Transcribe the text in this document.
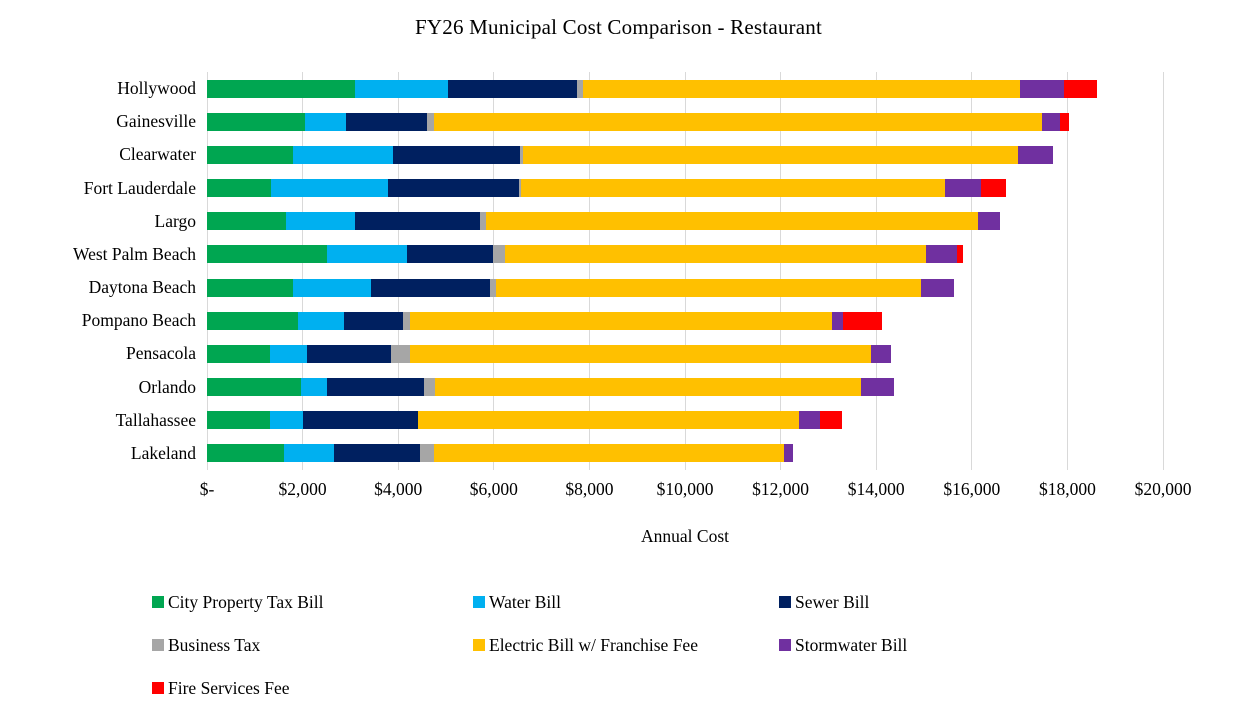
FY26 Municipal Cost Comparison - Restaurant
Hollywood
Gainesville
Clearwater
Fort Lauderdale
Largo
West Palm Beach
Daytona Beach
Pompano Beach
Pensacola
Orlando
Tallahassee
Lakeland
$-	$2,000	$4,000	$6,000	$8,000 $10,000 $12,000 $14,000 $16,000 $18,000 $20,000
Annual Cost
City Property Tax Bill	Water Bill	Sewer Bill
Business Tax	Electric Bill w/ Franchise Fee	Stormwater Bill
Fire Services Fee
